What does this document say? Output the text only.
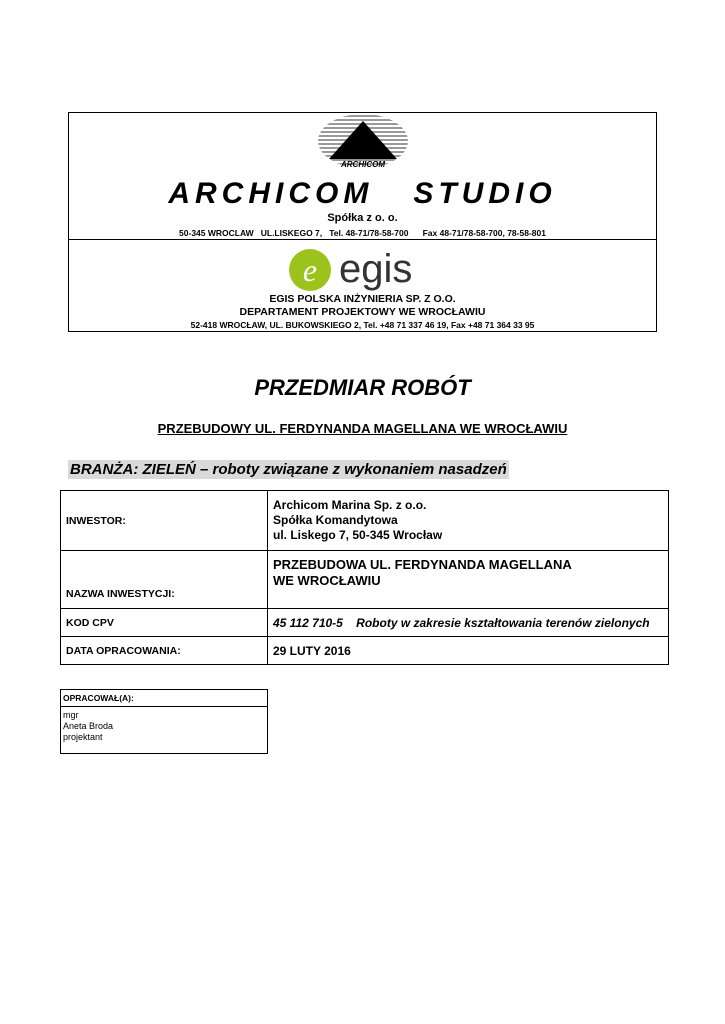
ARCHICOM
ARCHICOM   STUDIO
Spółka z o. o.
50-345 WROCLAW   UL.LISKEGO 7,   Tel. 48-71/78-58-700      Fax 48-71/78-58-700, 78-58-801
e egis
EGIS POLSKA INŻYNIERIA SP. Z O.O.
DEPARTAMENT PROJEKTOWY WE WROCŁAWIU
52-418 WROCŁAW, UL. BUKOWSKIEGO 2, Tel. +48 71 337 46 19, Fax +48 71 364 33 95
PRZEDMIAR ROBÓT
PRZEBUDOWY UL. FERDYNANDA MAGELLANA WE WROCŁAWIU
BRANŻA: ZIELEŃ – roboty związane z wykonaniem nasadzeń
INWESTOR:	Archicom Marina Sp. z o.o.
Spółka Komandytowa
ul. Liskego 7, 50-345 Wrocław

NAZWA INWESTYCJI:	PRZEBUDOWA UL. FERDYNANDA MAGELLANA
WE WROCŁAWIU

KOD CPV	45 112 710-5    Roboty w zakresie kształtowania terenów zielonych
DATA OPRACOWANIA:	29 LUTY 2016
OPRACOWAŁ(A):
mgr
Aneta Broda
projektant
